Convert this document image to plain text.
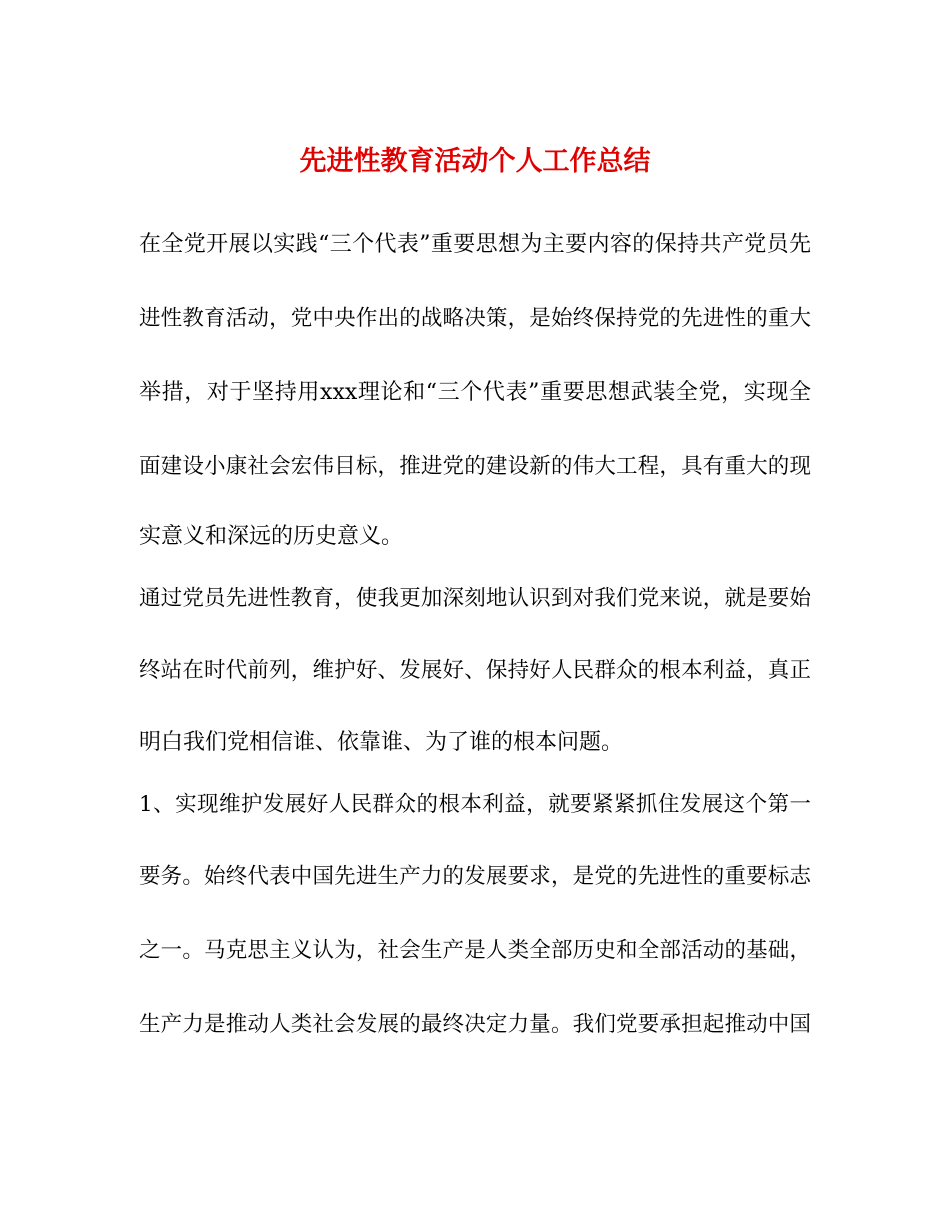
先进性教育活动个人工作总结
在全党开展以实践“三个代表”重要思想为主要内容的保持共产党员先
进性教育活动，党中央作出的战略决策，是始终保持党的先进性的重大
举措，对于坚持用xxx理论和“三个代表”重要思想武装全党，实现全
面建设小康社会宏伟目标，推进党的建设新的伟大工程，具有重大的现
实意义和深远的历史意义。
通过党员先进性教育，使我更加深刻地认识到对我们党来说，就是要始
终站在时代前列，维护好、发展好、保持好人民群众的根本利益，真正
明白我们党相信谁、依靠谁、为了谁的根本问题。
1、实现维护发展好人民群众的根本利益，就要紧紧抓住发展这个第一
要务。始终代表中国先进生产力的发展要求，是党的先进性的重要标志
之一。马克思主义认为，社会生产是人类全部历史和全部活动的基础，
生产力是推动人类社会发展的最终决定力量。我们党要承担起推动中国
